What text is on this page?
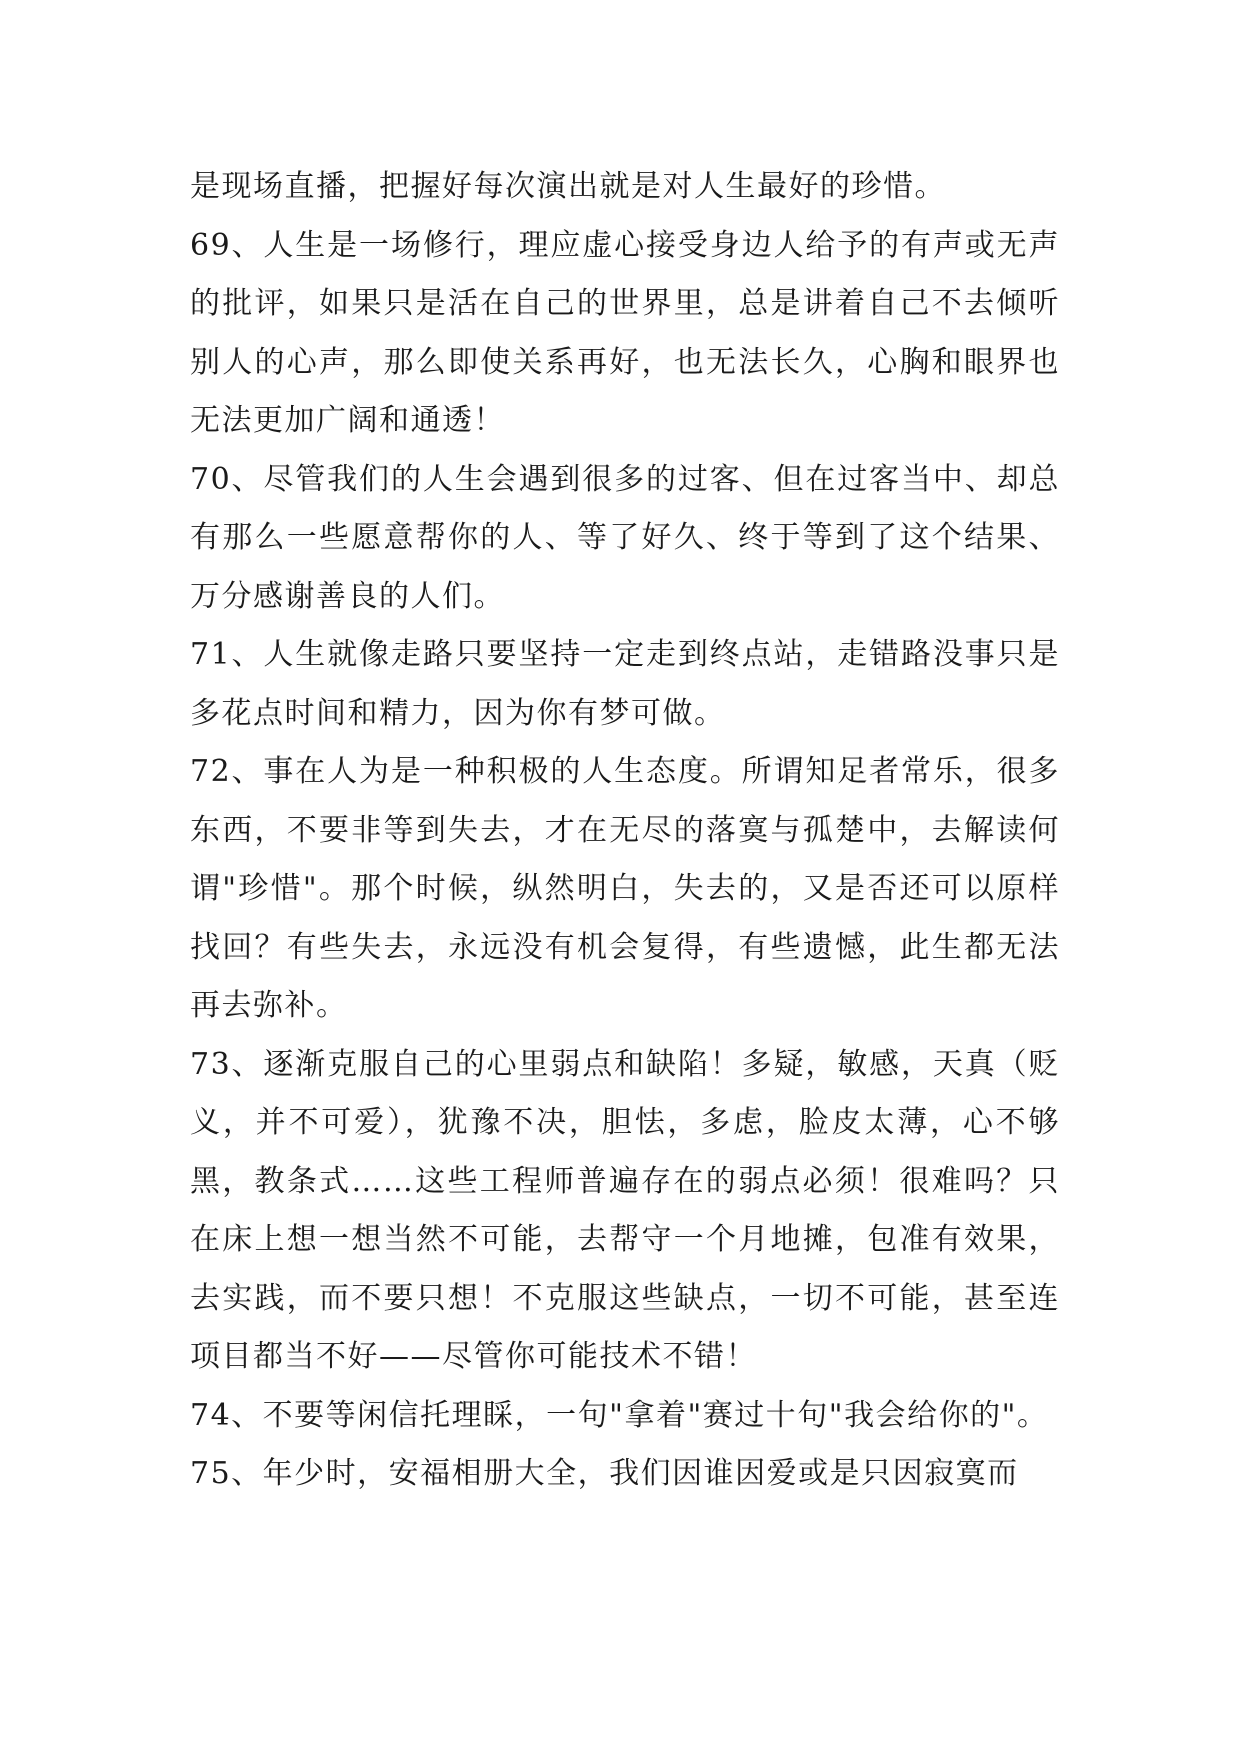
是现场直播，把握好每次演出就是对人生最好的珍惜。

69、人生是一场修行，理应虚心接受身边人给予的有声或无声的批评，如果只是活在自己的世界里，总是讲着自己不去倾听别人的心声，那么即使关系再好，也无法长久，心胸和眼界也无法更加广阔和通透！

70、尽管我们的人生会遇到很多的过客、但在过客当中、却总有那么一些愿意帮你的人、等了好久、终于等到了这个结果、万分感谢善良的人们。

71、人生就像走路只要坚持一定走到终点站，走错路没事只是多花点时间和精力，因为你有梦可做。

72、事在人为是一种积极的人生态度。所谓知足者常乐，很多东西，不要非等到失去，才在无尽的落寞与孤楚中，去解读何谓"珍惜"。那个时候，纵然明白，失去的，又是否还可以原样找回？有些失去，永远没有机会复得，有些遗憾，此生都无法再去弥补。

73、逐渐克服自己的心里弱点和缺陷！多疑，敏感，天真（贬义，并不可爱），犹豫不决，胆怯，多虑，脸皮太薄，心不够黑，教条式……这些工程师普遍存在的弱点必须！很难吗？只在床上想一想当然不可能，去帮守一个月地摊，包准有效果，去实践，而不要只想！不克服这些缺点，一切不可能，甚至连项目都当不好——尽管你可能技术不错！

74、不要等闲信托理睬，一句"拿着"赛过十句"我会给你的"。

75、年少时，安福相册大全，我们因谁因爱或是只因寂寞而
